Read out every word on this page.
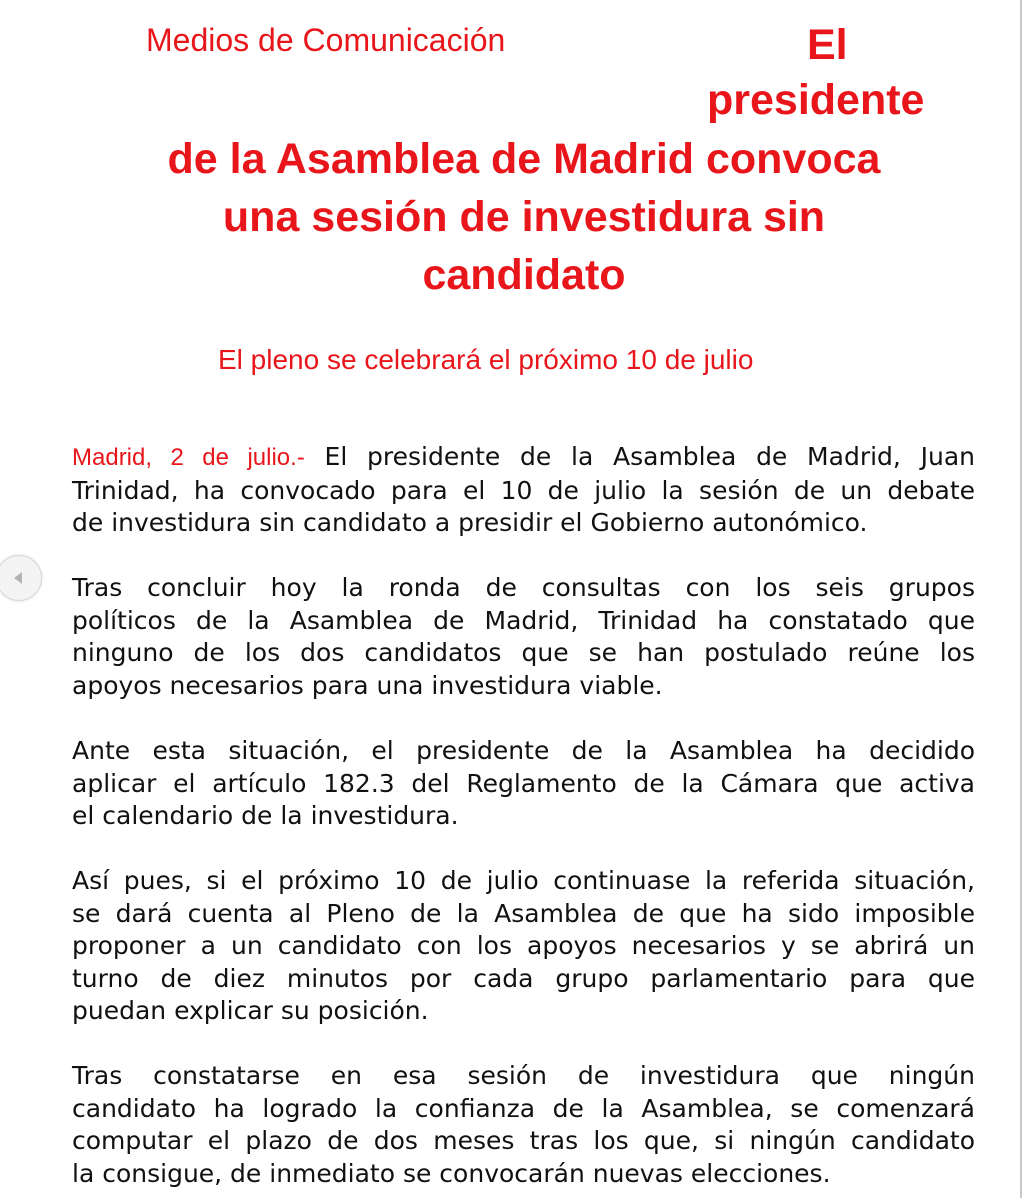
Medios de Comunicación	El
presidente
de la Asamblea de Madrid convoca
una sesión de investidura sin
candidato
El pleno se celebrará el próximo 10 de julio
Madrid, 2 de julio.- El presidente de la Asamblea de Madrid, Juan
Trinidad, ha convocado para el 10 de julio la sesión de un debate
de investidura sin candidato a presidir el Gobierno autonómico.
Tras concluir hoy la ronda de consultas con los seis grupos
políticos de la Asamblea de Madrid, Trinidad ha constatado que
ninguno de los dos candidatos que se han postulado reúne los
apoyos necesarios para una investidura viable.
Ante esta situación, el presidente de la Asamblea ha decidido
aplicar el artículo 182.3 del Reglamento de la Cámara que activa
el calendario de la investidura.
Así pues, si el próximo 10 de julio continuase la referida situación,
se dará cuenta al Pleno de la Asamblea de que ha sido imposible
proponer a un candidato con los apoyos necesarios y se abrirá un
turno de diez minutos por cada grupo parlamentario para que
puedan explicar su posición.
Tras constatarse en esa sesión de investidura que ningún
candidato ha logrado la confianza de la Asamblea, se comenzará
computar el plazo de dos meses tras los que, si ningún candidato
la consigue, de inmediato se convocarán nuevas elecciones.
